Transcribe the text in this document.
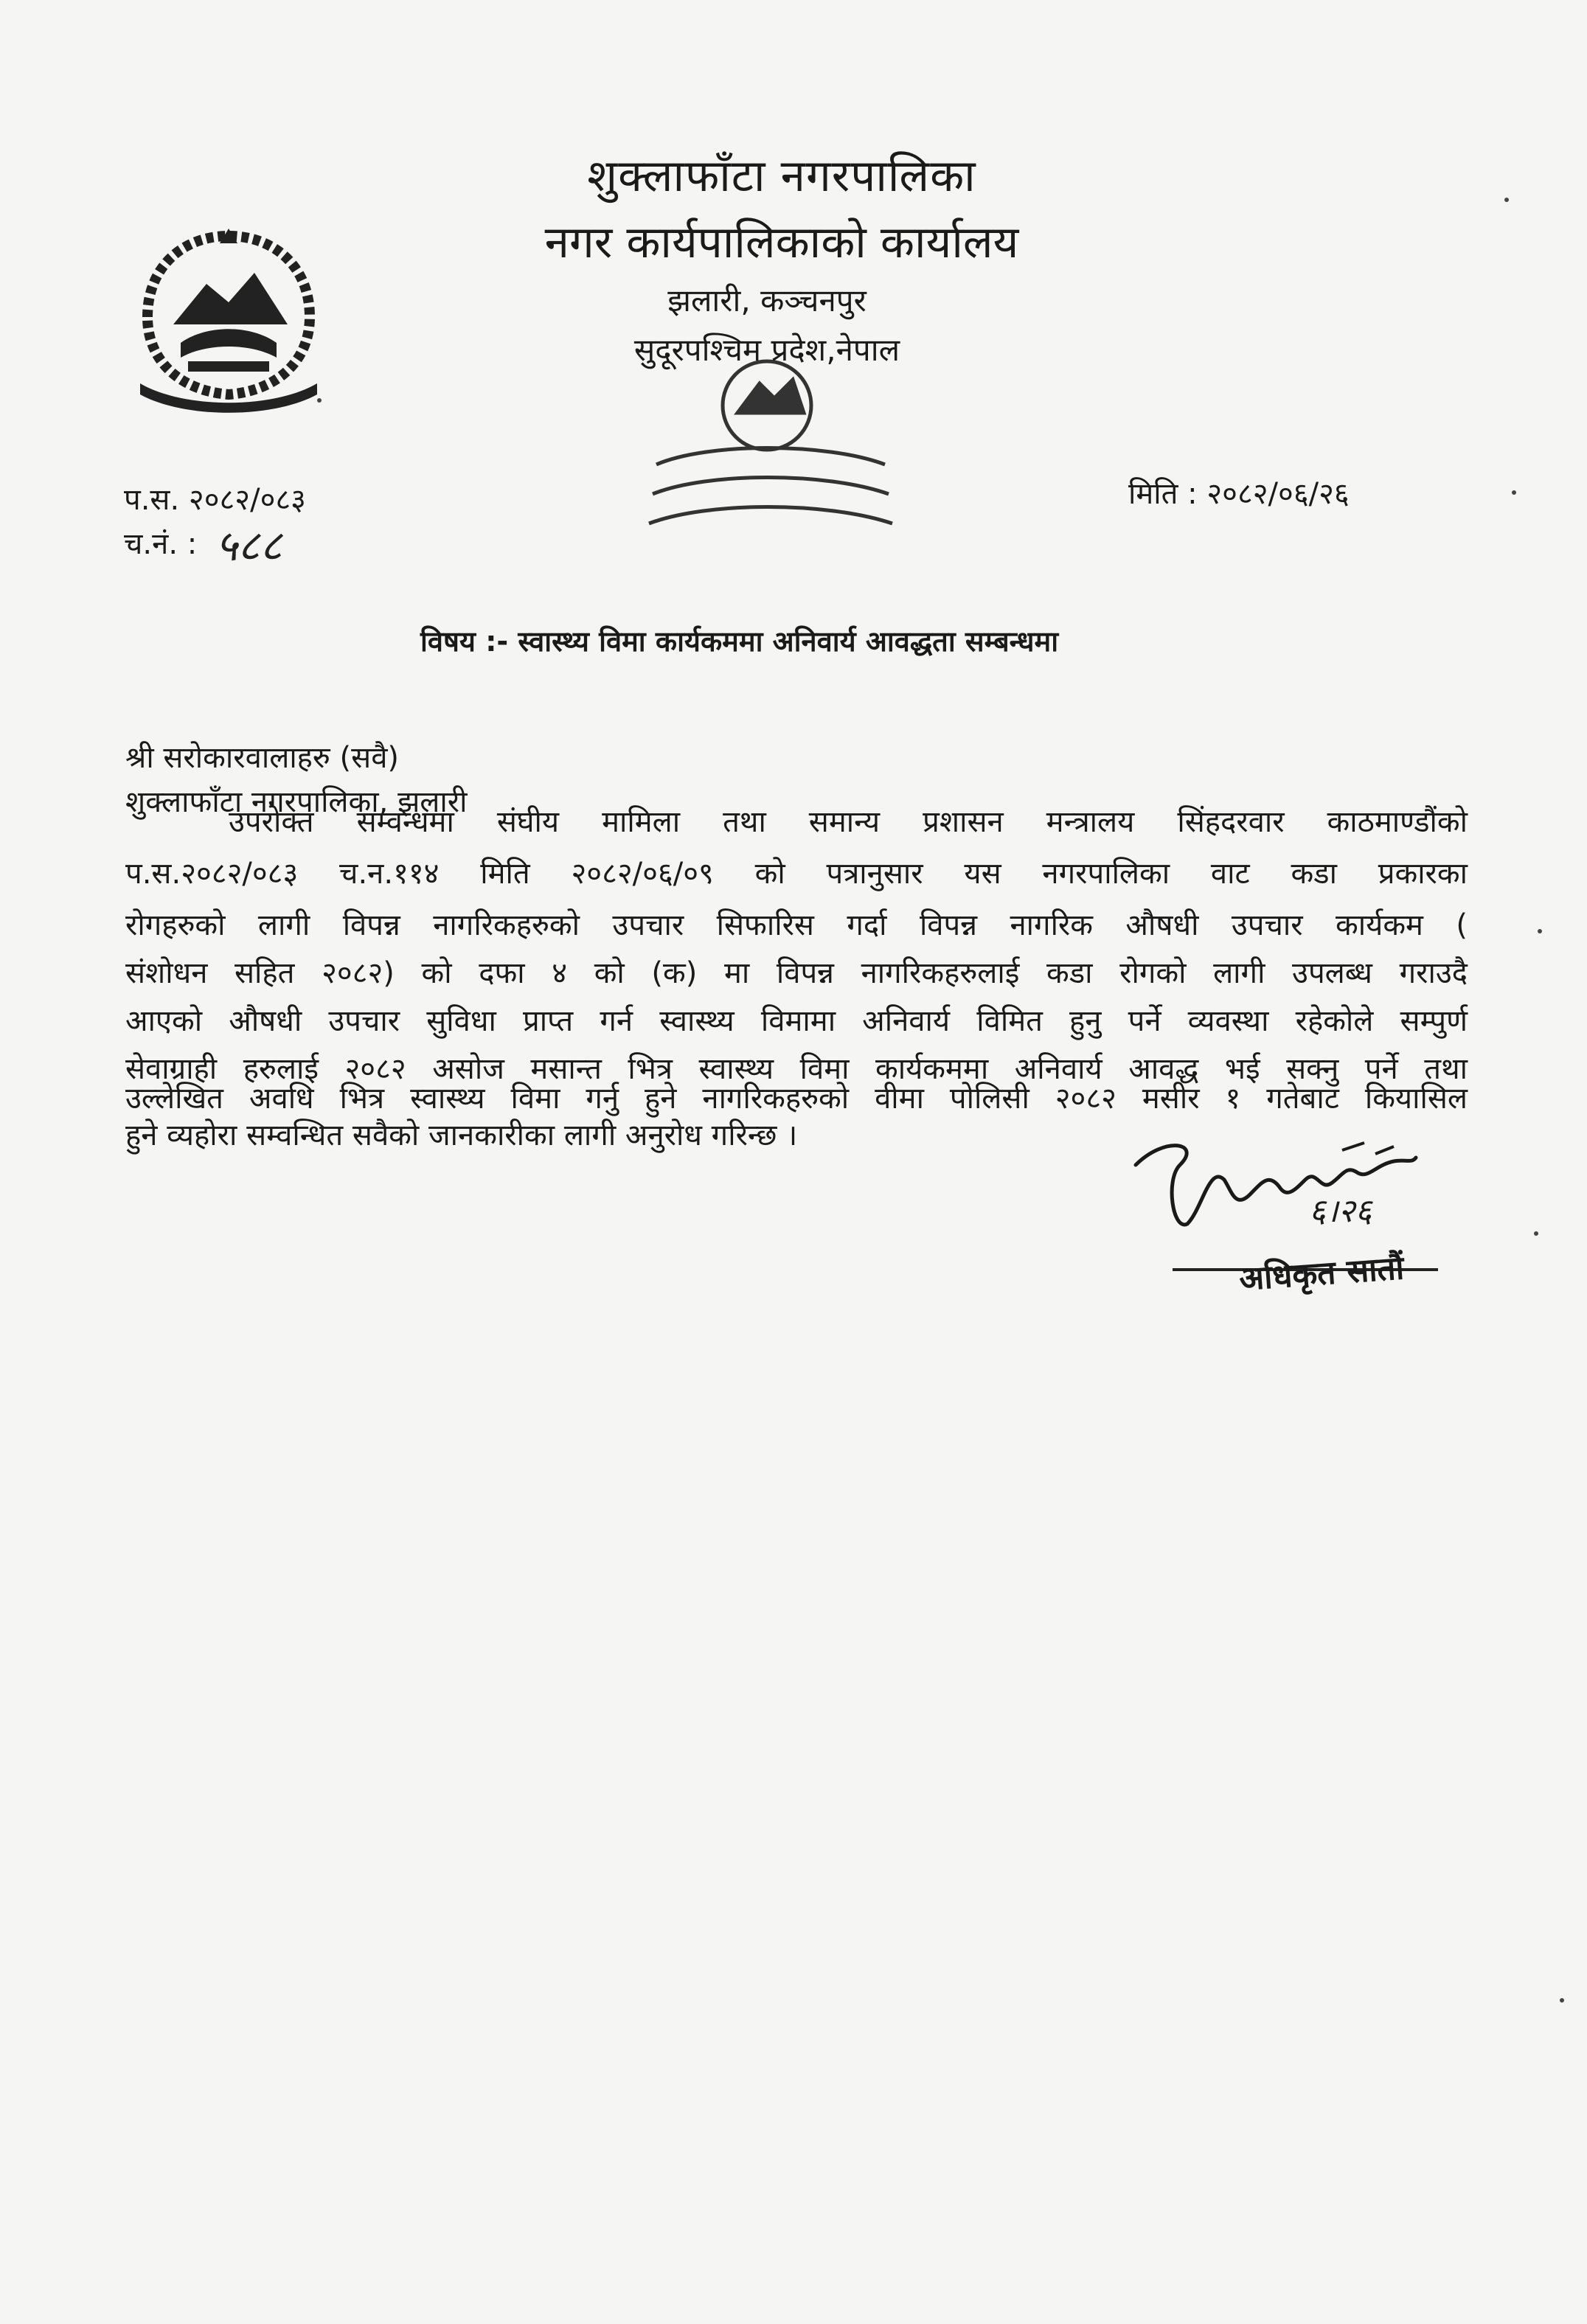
शुक्लाफाँटा नगरपालिका
नगर कार्यपालिकाको कार्यालय
झलारी, कञ्चनपुर
सुदूरपश्चिम प्रदेश,नेपाल
प.स. २०८२/०८३
च.नं. : ५८८
मिति : २०८२/०६/२६
विषय :- स्वास्थ्य विमा कार्यकममा अनिवार्य आवद्धता सम्बन्धमा
श्री सरोकारवालाहरु (सवै)
शुक्लाफाँटा नगरपालिका, झलारी
उपरोक्त सम्वन्धमा संघीय मामिला तथा समान्य प्रशासन मन्त्रालय सिंहदरवार काठमाण्डौंको
प.स.२०८२/०८३ च.न.११४ मिति २०८२/०६/०९ को पत्रानुसार यस नगरपालिका वाट कडा प्रकारका
रोगहरुको लागी विपन्न नागरिकहरुको उपचार सिफारिस गर्दा विपन्न नागरिक औषधी उपचार कार्यकम (
संशोधन सहित २०८२) को दफा ४ को (क) मा विपन्न नागरिकहरुलाई कडा रोगको लागी उपलब्ध गराउदै
आएको औषधी उपचार सुविधा प्राप्त गर्न स्वास्थ्य विमामा अनिवार्य विमित हुनु पर्ने व्यवस्था रहेकोले सम्पुर्ण
सेवाग्राही हरुलाई २०८२ असोज मसान्त भित्र स्वास्थ्य विमा कार्यकममा अनिवार्य आवद्ध भई सक्नु पर्ने तथा
उल्लेखित अवधि भित्र स्वास्थ्य विमा गर्नु हुने नागरिकहरुको वीमा पोलिसी २०८२ मसीर १ गतेबाट कियासिल
हुने व्यहोरा सम्वन्धित सवैको जानकारीका लागी अनुरोध गरिन्छ ।
६।२६
अधिकृत सातौं
